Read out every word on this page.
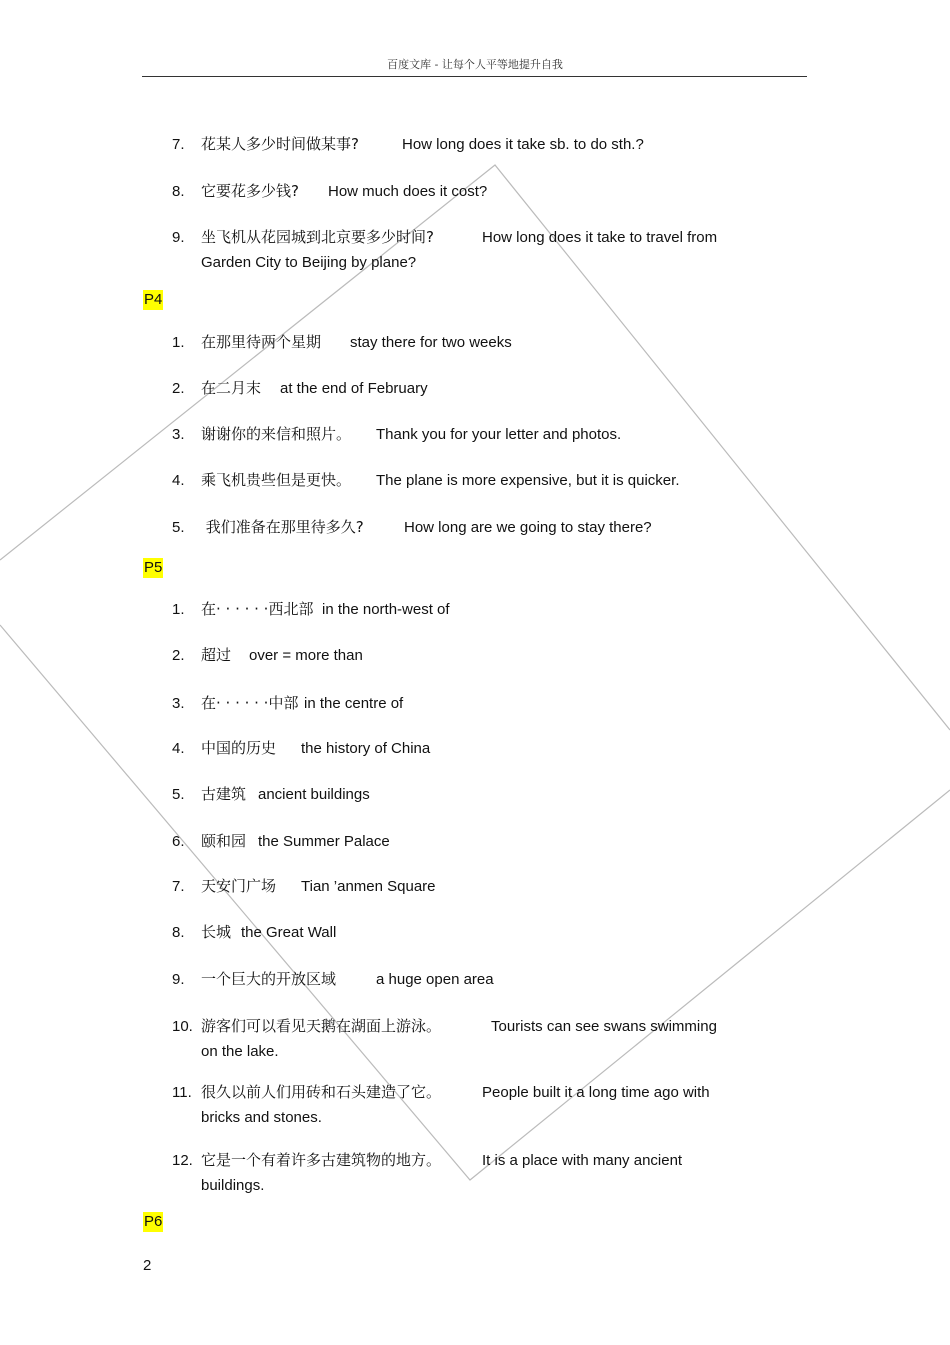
百度文库 - 让每个人平等地提升自我
7. 花某人多少时间做某事?	How long does it take sb. to do sth.?
8. 它要花多少钱? How much does it cost?
9. 坐飞机从花园城到北京要多少时间?	How long does it take to travel from
Garden City to Beijing by plane?
P4
1. 在那里待两个星期 stay there for two weeks
2. 在二月末 at the end of February
3. 谢谢你的来信和照片。 Thank you for your letter and photos.
4. 乘飞机贵些但是更快。 The plane is more expensive, but it is quicker.
5. 我们准备在那里待多久?	How long are we going to stay there?
P5
1. 在· · · · · ·西北部 in the north-west of
2. 超过 over = more than
3. 在· · · · · ·中部 in the centre of
4. 中国的历史 the history of China
5. 古建筑 ancient buildings
6. 颐和园 the Summer Palace
7. 天安门广场 Tian ’anmen Square
8. 长城 the Great Wall
9. 一个巨大的开放区域	a huge open area
10. 游客们可以看见天鹅在湖面上游泳。	Tourists can see swans swimming
on the lake.
11. 很久以前人们用砖和石头建造了它。	People built it a long time ago with
bricks and stones.
12. 它是一个有着许多古建筑物的地方。	It is a place with many ancient
buildings.
P6
2
